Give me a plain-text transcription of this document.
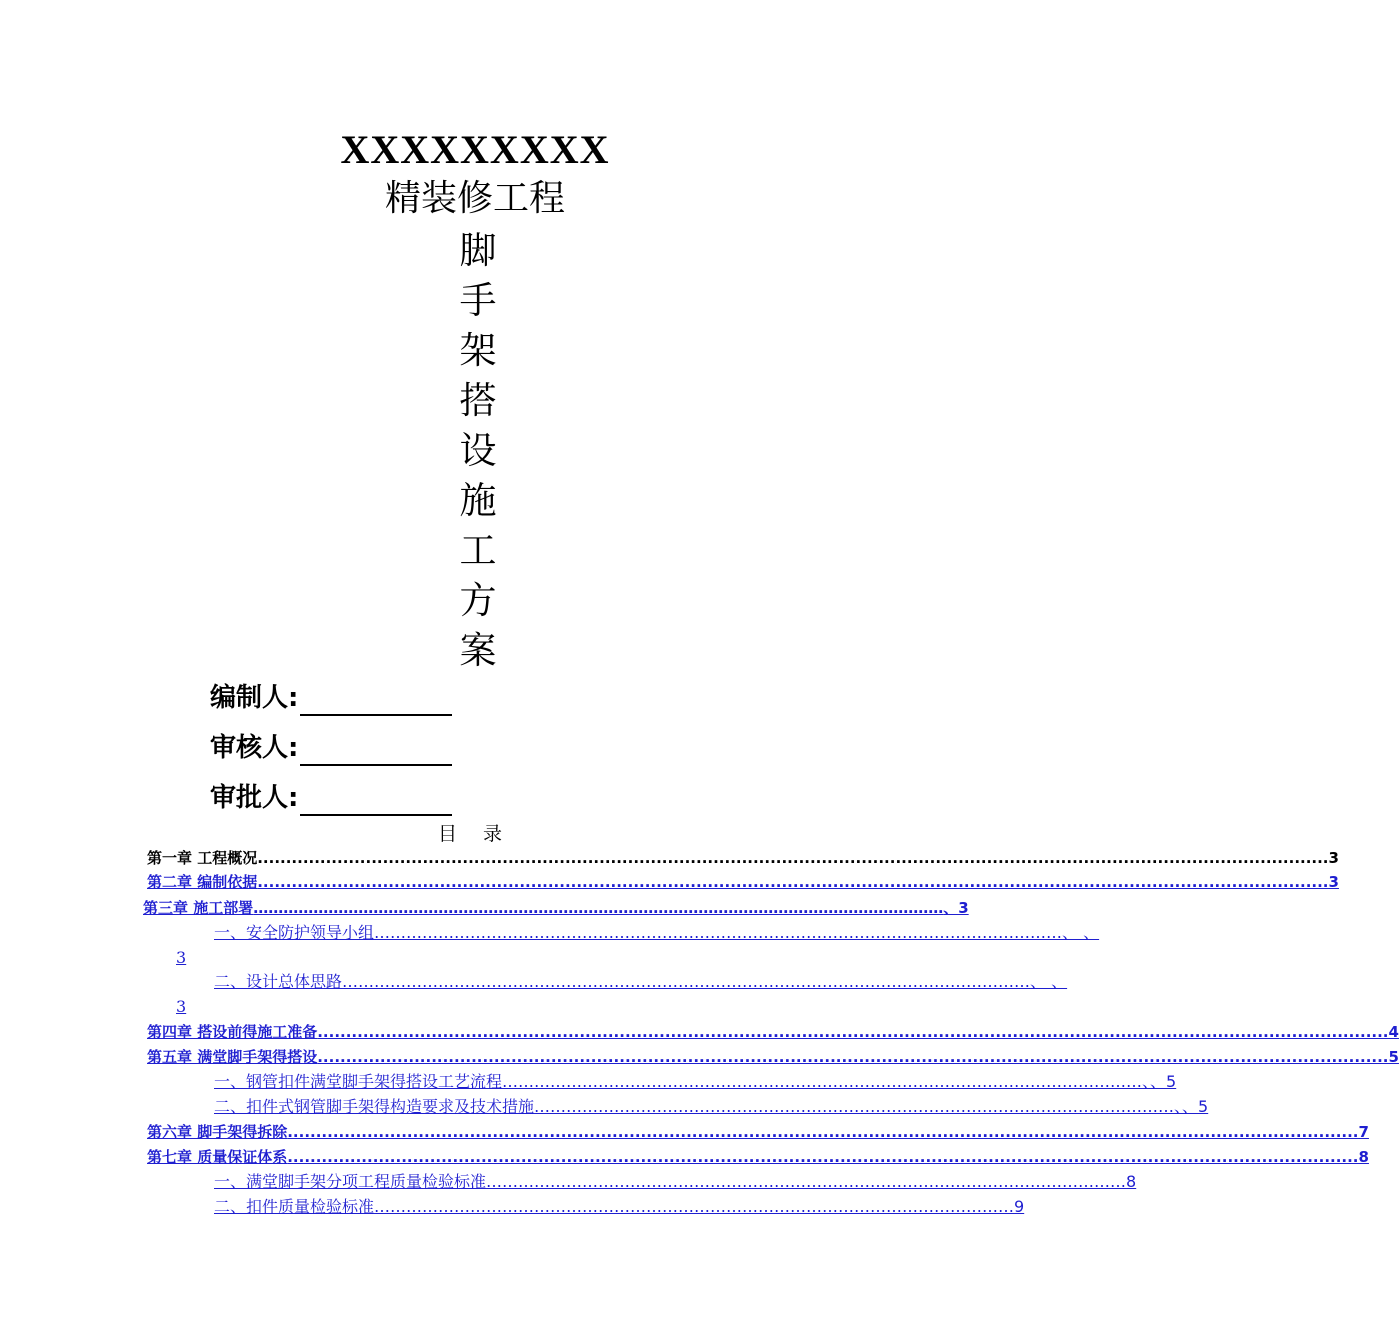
XXXXXXXXX
精装修工程
脚
手
架
搭
设
施
工
方
案
编制人:
审核人:
审批人:
目 录
第一章 工程概况 ............................................................................................................................................................................................ 3
第二章 编制依据 ............................................................................................................................................................................................ 3
第三章 施工部署 ………………………………………………………………………………………………………………………… 、3
一、安全防护领导小组 ………………………………………………………………………………………………………………… 、 、
3
二、设计总体思路 ………………………………………………………………………………………………………………… 、 、
3
第四章 搭设前得施工准备 ............................................................................................................................................................................................ 4
第五章 满堂脚手架得搭设 ............................................................................................................................................................................................ 5
一、钢管扣件满堂脚手架得搭设工艺流程 ………………………………………………………………………………………………………… 、、5
二、扣件式钢管脚手架得构造要求及技术措施 ………………………………………………………………………………………………………… 、、5
第六章 脚手架得拆除 ............................................................................................................................................................................................ 7
第七章 质量保证体系 ............................................................................................................................................................................................ 8
一、满堂脚手架分项工程质量检验标准 ………………………………………………………………………………………………………… 8
二、扣件质量检验标准 ………………………………………………………………………………………………………… 9
